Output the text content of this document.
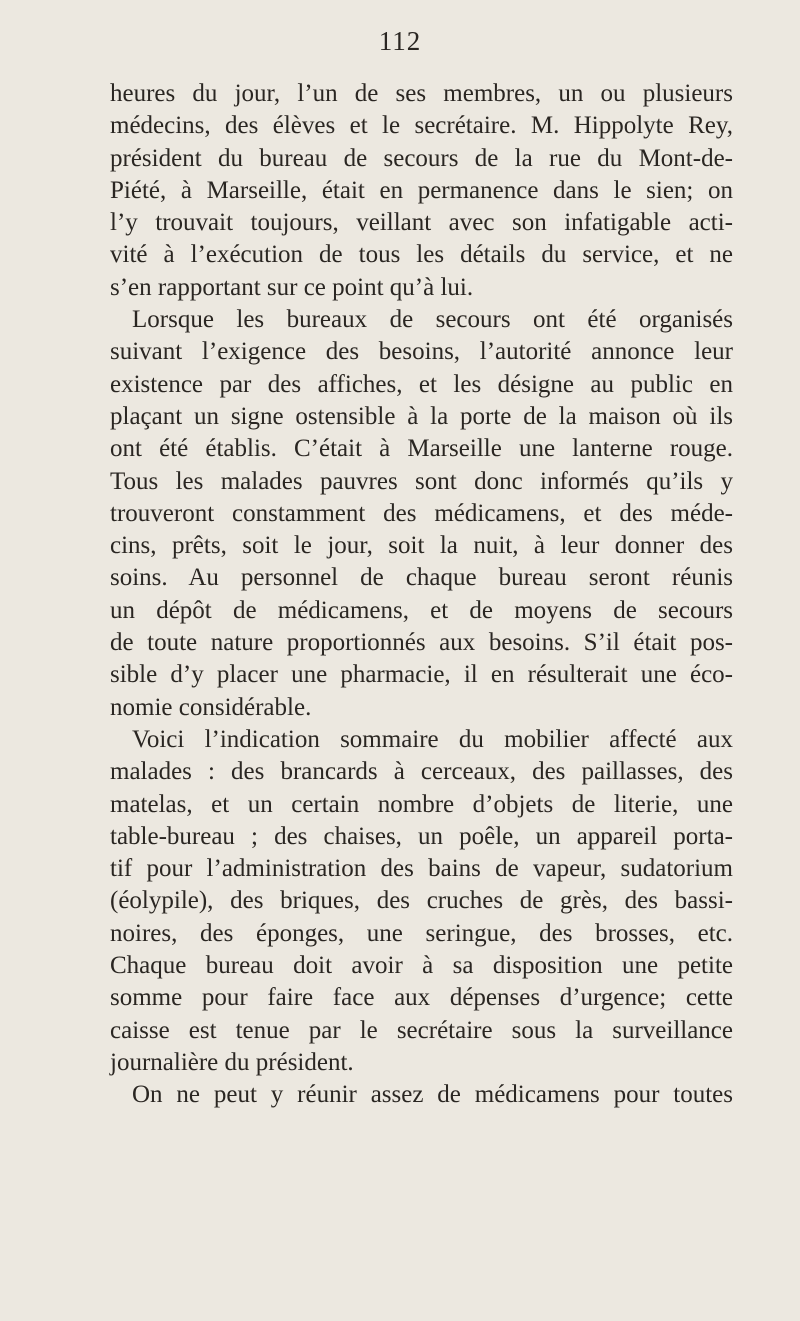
112
heures du jour, l’un de ses membres, un ou plusieurs
médecins, des élèves et le secrétaire. M. Hippolyte Rey,
président du bureau de secours de la rue du Mont-de-
Piété, à Marseille, était en permanence dans le sien; on
l’y trouvait toujours, veillant avec son infatigable acti-
vité à l’exécution de tous les détails du service, et ne
s’en rapportant sur ce point qu’à lui.
Lorsque les bureaux de secours ont été organisés
suivant l’exigence des besoins, l’autorité annonce leur
existence par des affiches, et les désigne au public en
plaçant un signe ostensible à la porte de la maison où ils
ont été établis. C’était à Marseille une lanterne rouge.
Tous les malades pauvres sont donc informés qu’ils y
trouveront constamment des médicamens, et des méde-
cins, prêts, soit le jour, soit la nuit, à leur donner des
soins. Au personnel de chaque bureau seront réunis
un dépôt de médicamens, et de moyens de secours
de toute nature proportionnés aux besoins. S’il était pos-
sible d’y placer une pharmacie, il en résulterait une éco-
nomie considérable.
Voici l’indication sommaire du mobilier affecté aux
malades : des brancards à cerceaux, des paillasses, des
matelas, et un certain nombre d’objets de literie, une
table-bureau ; des chaises, un poêle, un appareil porta-
tif pour l’administration des bains de vapeur, sudatorium
(éolypile), des briques, des cruches de grès, des bassi-
noires, des éponges, une seringue, des brosses, etc.
Chaque bureau doit avoir à sa disposition une petite
somme pour faire face aux dépenses d’urgence; cette
caisse est tenue par le secrétaire sous la surveillance
journalière du président.
On ne peut y réunir assez de médicamens pour toutes
